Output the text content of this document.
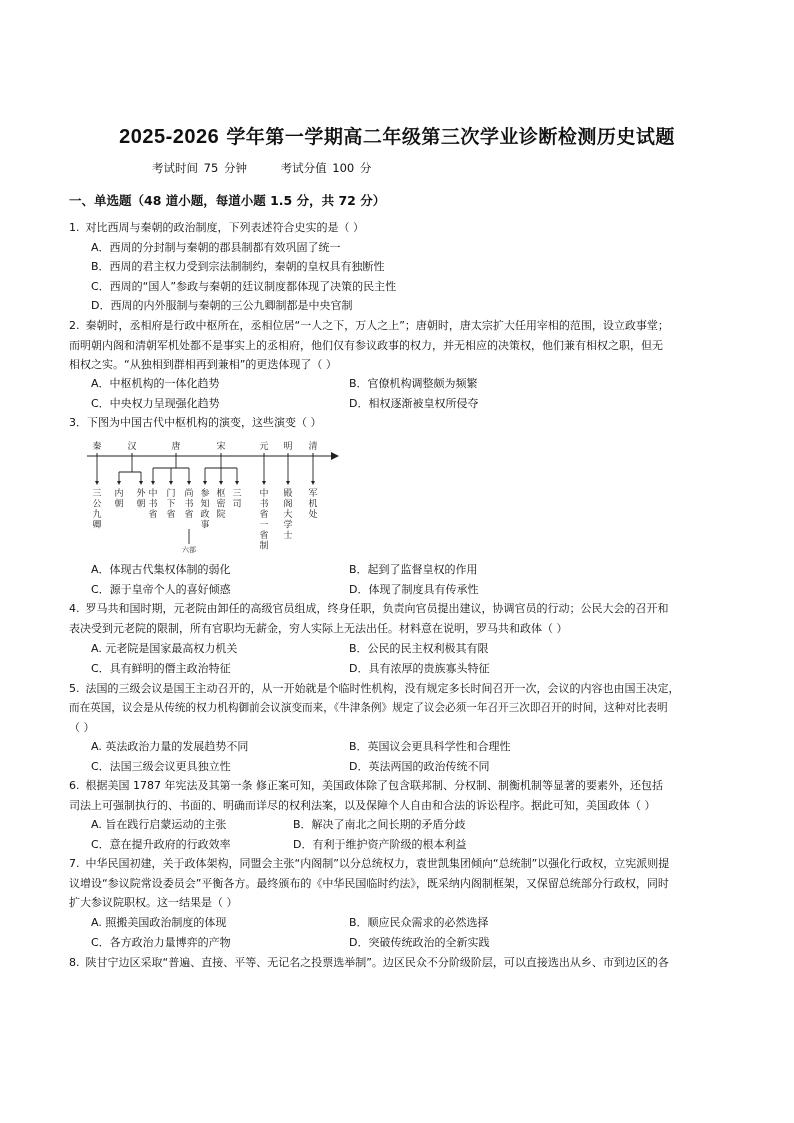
2025-2026 学年第一学期高二年级第三次学业诊断检测历史试题
考试时间 75 分钟	考试分值 100 分
一、单选题（48 道小题，每道小题 1.5 分，共 72 分）
1. 对比西周与秦朝的政治制度，下列表述符合史实的是（ ）
A．西周的分封制与秦朝的郡县制都有效巩固了统一
B．西周的君主权力受到宗法制制约，秦朝的皇权具有独断性
C．西周的“国人”参政与秦朝的廷议制度都体现了决策的民主性
D．西周的内外服制与秦朝的三公九卿制都是中央官制
2. 秦朝时，丞相府是行政中枢所在，丞相位居“一人之下，万人之上”；唐朝时，唐太宗扩大任用宰相的范围，设立政事堂；
而明朝内阁和清朝军机处都不是事实上的丞相府，他们仅有参议政事的权力，并无相应的决策权，他们兼有相权之职，但无
相权之实。“从独相到群相再到兼相”的更迭体现了（ ）
A．中枢机构的一体化趋势	B．官僚机构调整颇为频繁
C．中央权力呈现强化趋势	D．相权逐渐被皇权所侵夺
3．下图为中国古代中枢机构的演变，这些演变（ ）
秦	汉	唐	宋	元 明 清
三
公
九
卿
内
朝
外
朝
中
书
省
门
下
省
尚
书
省
参
知
政
事
枢
密
院
三
司
中
书
省
一
省
制
殿
阁
大
学
士
军
机
处
六部
A．体现古代集权体制的弱化	B．起到了监督皇权的作用
C．源于皇帝个人的喜好倾惑	D．体现了制度具有传承性
4. 罗马共和国时期，元老院由卸任的高级官员组成，终身任职，负责向官员提出建议，协调官员的行动；公民大会的召开和
表决受到元老院的限制，所有官职均无薪金，穷人实际上无法出任。材料意在说明，罗马共和政体（ ）
A. 元老院是国家最高权力机关	B．公民的民主权利极其有限
C．具有鲜明的僭主政治特征	D．具有浓厚的贵族寡头特征
5. 法国的三级会议是国王主动召开的，从一开始就是个临时性机构，没有规定多长时间召开一次，会议的内容也由国王决定，
而在英国，议会是从传统的权力机构御前会议演变而来，《牛津条例》规定了议会必须一年召开三次即召开的时间，这种对比表明
（ ）
A. 英法政治力量的发展趋势不同	B．英国议会更具科学性和合理性
C．法国三级会议更具独立性	D．英法两国的政治传统不同
6. 根据美国 1787 年宪法及其第一条 修正案可知，美国政体除了包含联邦制、分权制、制衡机制等显著的要素外，还包括
司法上可强制执行的、书面的、明确而详尽的权利法案，以及保障个人自由和合法的诉讼程序。据此可知，美国政体（ ）
A. 旨在践行启蒙运动的主张	B．解决了南北之间长期的矛盾分歧
C．意在提升政府的行政效率	D．有利于维护资产阶级的根本利益
7. 中华民国初建，关于政体架构，同盟会主张“内阁制”以分总统权力，袁世凯集团倾向“总统制”以强化行政权，立宪派则提
议增设“参议院常设委员会”平衡各方。最终颁布的《中华民国临时约法》，既采纳内阁制框架，又保留总统部分行政权，同时
扩大参议院职权。这一结果是（ ）
A. 照搬美国政治制度的体现	B．顺应民众需求的必然选择
C．各方政治力量博弈的产物	D．突破传统政治的全新实践
8. 陕甘宁边区采取“普遍、直接、平等、无记名之投票选举制”。边区民众不分阶级阶层，可以直接选出从乡、市到边区的各
